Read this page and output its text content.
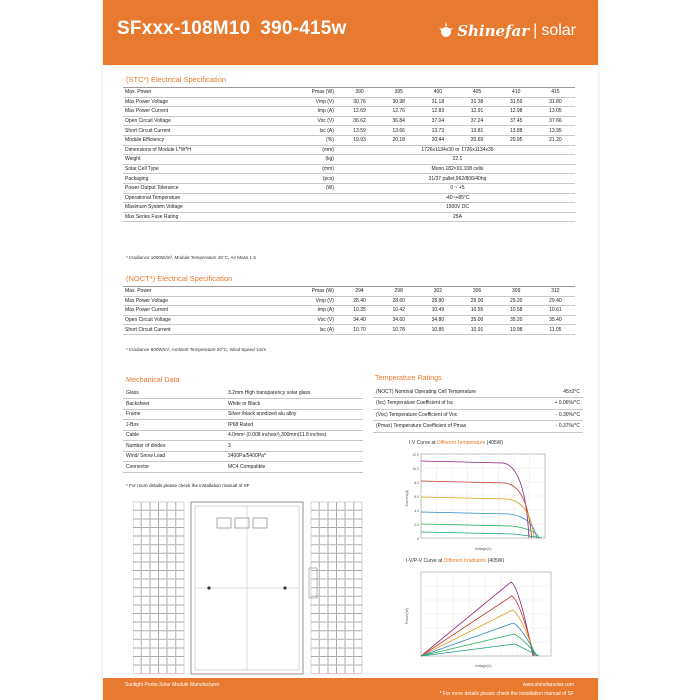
SFxxx-108M10 390-415w	Shinefar | solar
(STC*) Electrical Specification
Max. Power	Pmax (W)	390	395	400	405	410	415
Max Power Voltage	Vmp (V)	30.76	30.98	31.18	31.38	31.59	31.80
Max Power Current	Imp (A)	12.69	12.76	12.83	12.91	12.98	13.05
Open Circuit Voltage	Voc (V)	36.62	36.84	37.04	37.24	37.45	37.66
Short Circuit Current	Isc (A)	13.59	13.66	13.73	13.81	13.88	13.95
Module Efficiency	(%)	19.93	20.18	20.44	20.69	20.95	21.20
Dimensions of Module L*W*H	(mm)	1726x1134x30 or 1726x1134x35					
Weight	(kg)	22.1					
Solar Cell Type	(mm)	Mono 182×91,108 cells					
Packaging	(pcs)	31/37 pallet,962/806/40hq					
Power Output Tolerance	(W)	0 ~ +5					
Operational Temperature		-40~+85°C					
Maximum System Voltage		1500V DC					
Max Series Fuse Rating		25A					
* Irradiance 1000W/m², Module Temperature 25°C, Air Mass 1.5
(NOCT*) Electrical Specification
Max. Power	Pmax (W)	294	298	302	306	309	312
Max Power Voltage	Vmp (V)	28.40	28.60	28.80	29.00	29.20	29.40
Max Power Current	Imp (A)	10.35	10.42	10.49	10.55	10.58	10.61
Open Circuit Voltage	Voc (V)	34.40	34.60	34.80	35.00	35.20	35.40
Short Circuit Current	Isc (A)	10.70	10.78	10.85	10.91	10.98	11.05
* Irradiance 800W/m², Ambient Temperature 20°C, Wind Speed 1m/s
Mechanical Data
Glass	3.2mm High transparency solar glass
Backsheet	White or Black
Frame	Silver /black anodized alu alloy
J-Box	IP68 Rated
Cable	4.0mm² (0.008 inches²),300mm(11.8 inches)
Number of diodes	3
Wind/ Snow Load	2400Pa/5400Pa*
Connector	MC4 Compatible
* For more details please check the installation manual of SF
Temperature Ratings
(NOCT) Nominal Operating Cell Temperature	45±2°C
(Isc) Temperature Coefficient of Isc	+ 0.06%/°C
(Voc) Temperature Coefficient of Voc	- 0.30%/°C
(Pmax) Temperature Coefficient of Pmax	- 0.37%/°C
I-V Curve at Different Temperature (405W)
12.0
10.0
8.0
6.0
4.0
2.0
0
Voltage(V)
Current(A)
I-V/P-V Curve at Different Irradiation (405W)
Voltage(V)
Power(W)
Sunlight Porter,Solar Module Manufacturer	www.shinefarsolar.com
* For more details please check the installation manual of SF
